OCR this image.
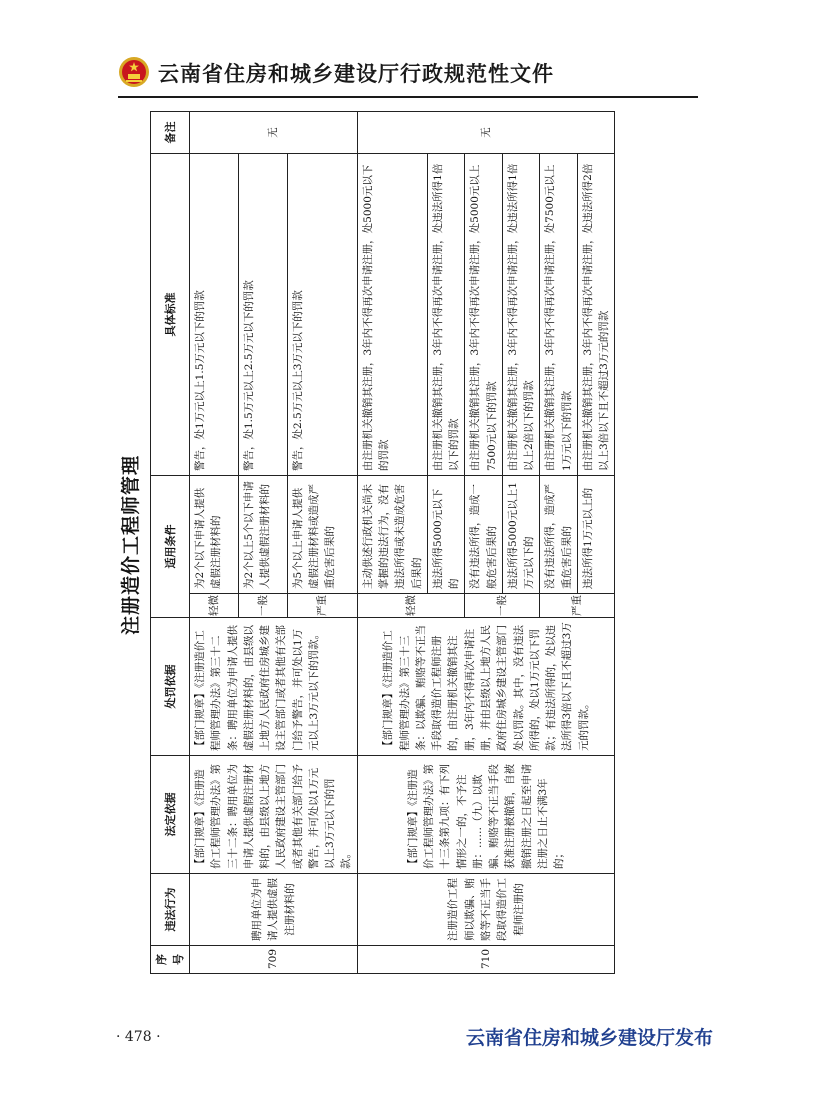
云南省住房和城乡建设厅行政规范性文件
注册造价工程师管理
序号	违法行为	法定依据	处罚依据	适用条件		具体标准	备注
709	聘用单位为申请人提供虚假注册材料的	【部门规章】《注册造价工程师管理办法》第三十二条：聘用单位为申请人提供虚假注册材料的，由县级以上地方人民政府建设主管部门或者其他有关部门给予警告，并可处以1万元以上3万元以下的罚款。	【部门规章】《注册造价工程师管理办法》第三十二条：聘用单位为申请人提供虚假注册材料的，由县级以上地方人民政府住房城乡建设主管部门或者其他有关部门给予警告，并可处以1万元以上3万元以下的罚款。	轻微	为2个以下申请人提供虚假注册材料的	警告，处1万元以上1.5万元以下的罚款	无
				一般	为2个以上5个以下申请人提供虚假注册材料的	警告，处1.5万元以上2.5万元以下的罚款	
				严重	为5个以上申请人提供虚假注册材料或造成严重危害后果的	警告，处2.5万元以上3万元以下的罚款	
710	注册造价工程师以欺骗、贿赂等不正当手段取得造价工程师注册的	【部门规章】《注册造价工程师管理办法》第十三条第九项：有下列情形之一的，不予注册：……（九）以欺骗、贿赂等不正当手段获准注册被撤销，自被撤销注册之日起至申请注册之日止不满3年的；	【部门规章】《注册造价工程师管理办法》第三十三条：以欺骗、贿赂等不正当手段取得造价工程师注册的，由注册机关撤销其注册，3年内不得再次申请注册，并由县级以上地方人民政府住房城乡建设主管部门处以罚款。其中，没有违法所得的，处以1万元以下罚款；有违法所得的，处以违法所得3倍以下且不超过3万元的罚款。	轻微	主动供述行政机关尚未掌握的违法行为，没有违法所得或未造成危害后果的	由注册机关撤销其注册，3年内不得再次申请注册，处5000元以下的罚款	无
					违法所得5000元以下的	由注册机关撤销其注册，3年内不得再次申请注册，处违法所得1倍以下的罚款	
				一般	没有违法所得，造成一般危害后果的	由注册机关撤销其注册，3年内不得再次申请注册，处5000元以上7500元以下的罚款	
					违法所得5000元以上1万元以下的	由注册机关撤销其注册，3年内不得再次申请注册，处违法所得1倍以上2倍以下的罚款	
				严重	没有违法所得，造成严重危害后果的	由注册机关撤销其注册，3年内不得再次申请注册，处7500元以上1万元以下的罚款	
					违法所得1万元以上的	由注册机关撤销其注册，3年内不得再次申请注册，处违法所得2倍以上3倍以下且不超过3万元的罚款	
· 478 ·	云南省住房和城乡建设厅发布
